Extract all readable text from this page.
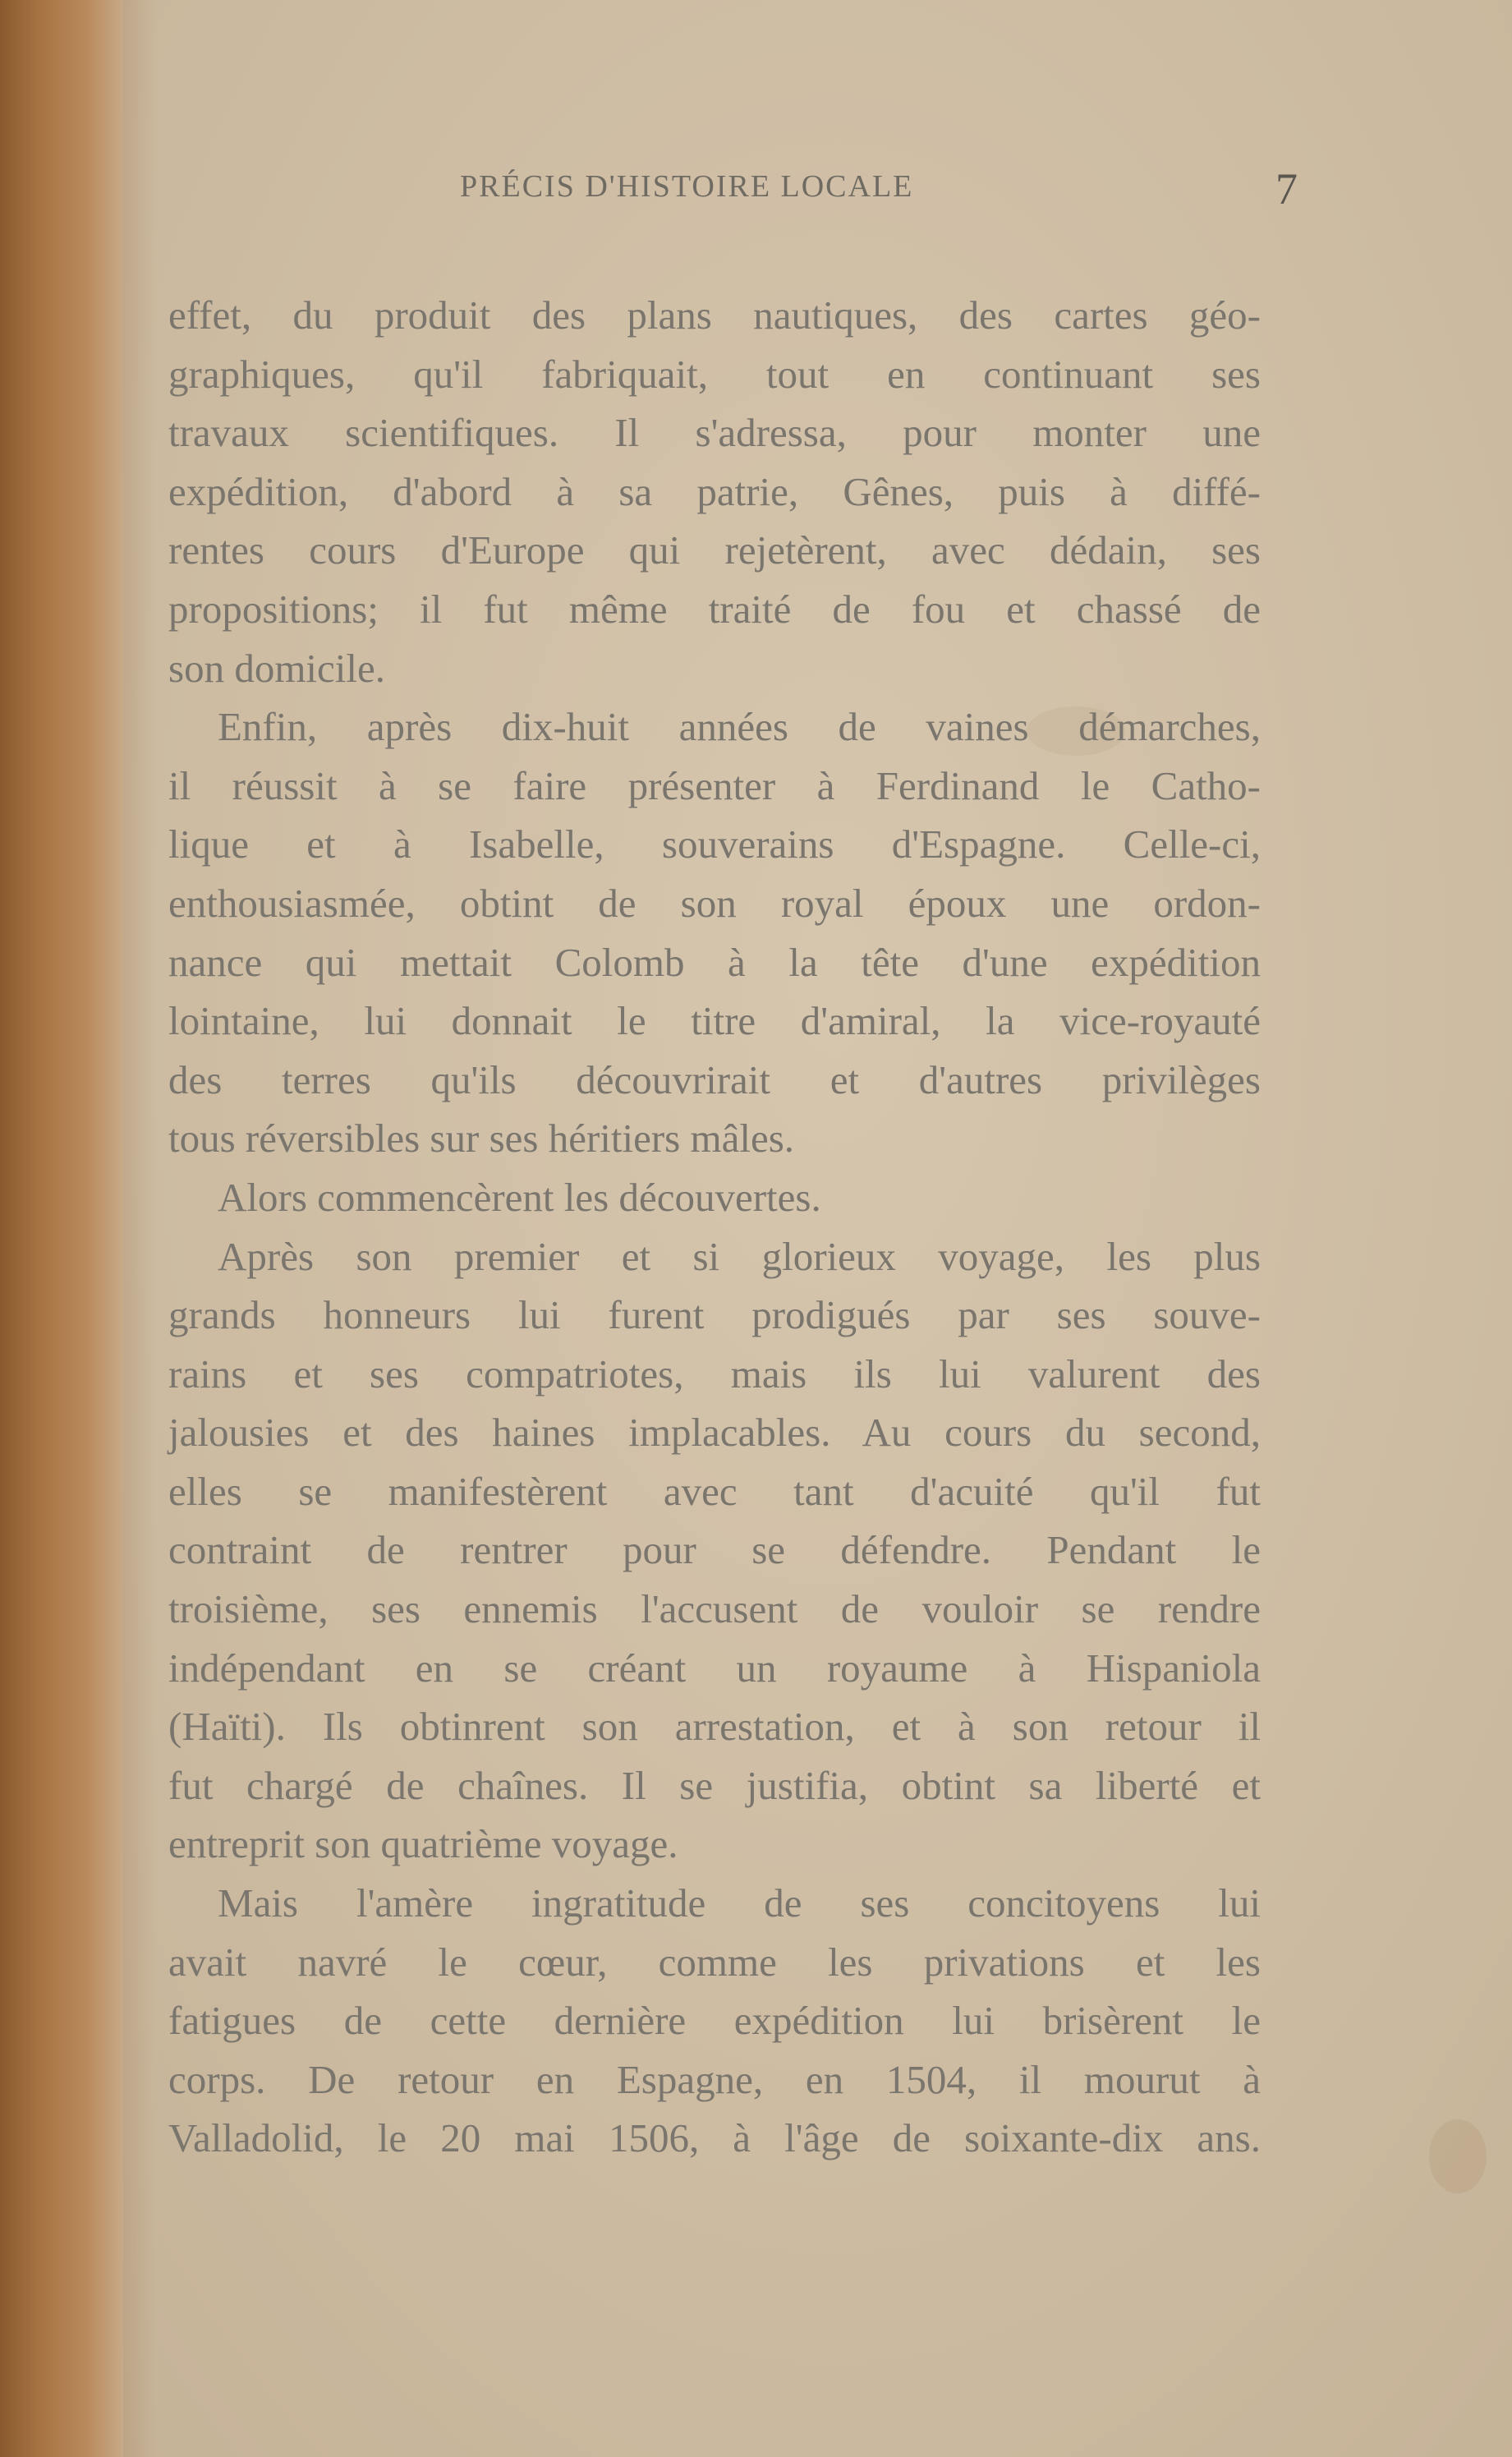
PRÉCIS D'HISTOIRE LOCALE	7
effet, du produit des plans nautiques, des cartes géo-
graphiques, qu'il fabriquait, tout en continuant ses
travaux scientifiques. Il s'adressa, pour monter une
expédition, d'abord à sa patrie, Gênes, puis à diffé-
rentes cours d'Europe qui rejetèrent, avec dédain, ses
propositions; il fut même traité de fou et chassé de
son domicile.
Enfin, après dix-huit années de vaines démarches,
il réussit à se faire présenter à Ferdinand le Catho-
lique et à Isabelle, souverains d'Espagne. Celle-ci,
enthousiasmée, obtint de son royal époux une ordon-
nance qui mettait Colomb à la tête d'une expédition
lointaine, lui donnait le titre d'amiral, la vice-royauté
des terres qu'ils découvrirait et d'autres privilèges
tous réversibles sur ses héritiers mâles.
Alors commencèrent les découvertes.
Après son premier et si glorieux voyage, les plus
grands honneurs lui furent prodigués par ses souve-
rains et ses compatriotes, mais ils lui valurent des
jalousies et des haines implacables. Au cours du second,
elles se manifestèrent avec tant d'acuité qu'il fut
contraint de rentrer pour se défendre. Pendant le
troisième, ses ennemis l'accusent de vouloir se rendre
indépendant en se créant un royaume à Hispaniola
(Haïti). Ils obtinrent son arrestation, et à son retour il
fut chargé de chaînes. Il se justifia, obtint sa liberté et
entreprit son quatrième voyage.
Mais l'amère ingratitude de ses concitoyens lui
avait navré le cœur, comme les privations et les
fatigues de cette dernière expédition lui brisèrent le
corps. De retour en Espagne, en 1504, il mourut à
Valladolid, le 20 mai 1506, à l'âge de soixante-dix ans.
